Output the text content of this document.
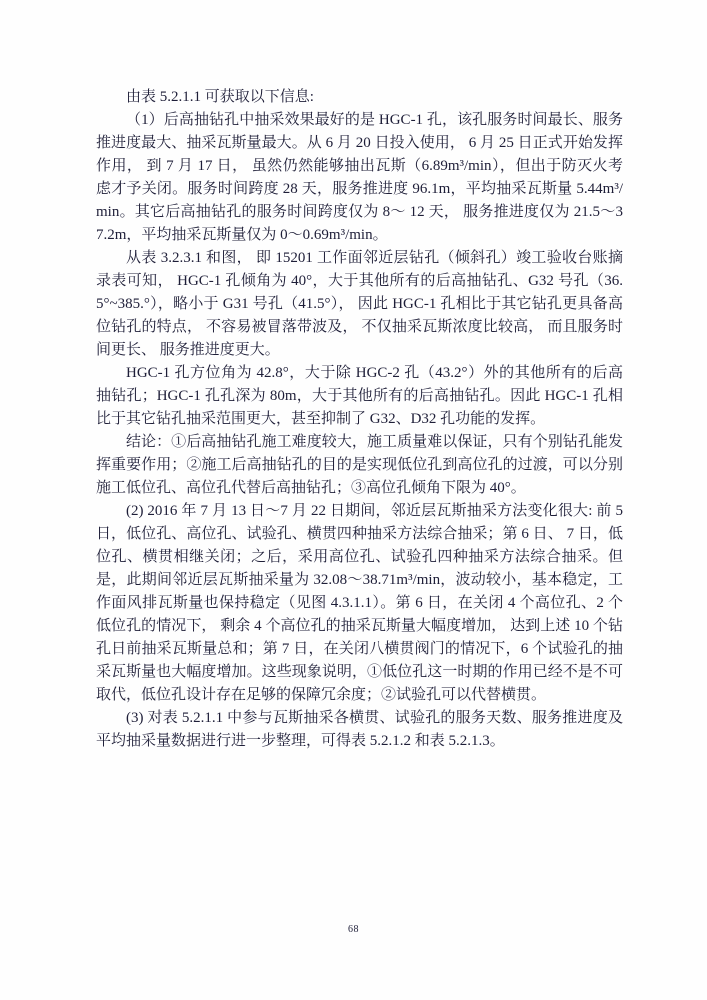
由表 5.2.1.1 可获取以下信息:

（1）后高抽钻孔中抽采效果最好的是 HGC-1 孔，该孔服务时间最长、服务推进度最大、抽采瓦斯量最大。从 6 月 20 日投入使用， 6 月 25 日正式开始发挥作用， 到 7 月 17 日， 虽然仍然能够抽出瓦斯（6.89m³/min），但出于防灭火考虑才予关闭。服务时间跨度 28 天，服务推进度 96.1m，平均抽采瓦斯量 5.44m³/min。其它后高抽钻孔的服务时间跨度仅为 8～ 12 天， 服务推进度仅为 21.5～37.2m，平均抽采瓦斯量仅为 0～0.69m³/min。

从表 3.2.3.1 和图， 即 15201 工作面邻近层钻孔（倾斜孔）竣工验收台账摘录表可知， HGC-1 孔倾角为 40°，大于其他所有的后高抽钻孔、G32 号孔（36.5°~385.°），略小于 G31 号孔（41.5°）， 因此 HGC-1 孔相比于其它钻孔更具备高位钻孔的特点， 不容易被冒落带波及， 不仅抽采瓦斯浓度比较高， 而且服务时间更长、 服务推进度更大。

HGC-1 孔方位角为 42.8°，大于除 HGC-2 孔（43.2°）外的其他所有的后高抽钻孔；HGC-1 孔孔深为 80m，大于其他所有的后高抽钻孔。因此 HGC-1 孔相比于其它钻孔抽采范围更大，甚至抑制了 G32、D32 孔功能的发挥。

结论：①后高抽钻孔施工难度较大，施工质量难以保证，只有个别钻孔能发挥重要作用；②施工后高抽钻孔的目的是实现低位孔到高位孔的过渡，可以分别施工低位孔、高位孔代替后高抽钻孔；③高位孔倾角下限为 40°。

(2) 2016 年 7 月 13 日～7 月 22 日期间，邻近层瓦斯抽采方法变化很大: 前 5 日，低位孔、高位孔、试验孔、横贯四种抽采方法综合抽采；第 6 日、 7 日，低位孔、横贯相继关闭；之后，采用高位孔、试验孔四种抽采方法综合抽采。但是，此期间邻近层瓦斯抽采量为 32.08～38.71m³/min，波动较小，基本稳定，工作面风排瓦斯量也保持稳定（见图 4.3.1.1）。第 6 日，在关闭 4 个高位孔、2 个低位孔的情况下， 剩余 4 个高位孔的抽采瓦斯量大幅度增加， 达到上述 10 个钻孔日前抽采瓦斯量总和；第 7 日，在关闭八横贯阀门的情况下，6 个试验孔的抽采瓦斯量也大幅度增加。这些现象说明，①低位孔这一时期的作用已经不是不可取代，低位孔设计存在足够的保障冗余度；②试验孔可以代替横贯。

(3) 对表 5.2.1.1 中参与瓦斯抽采各横贯、试验孔的服务天数、服务推进度及平均抽采量数据进行进一步整理，可得表 5.2.1.2 和表 5.2.1.3。

68
